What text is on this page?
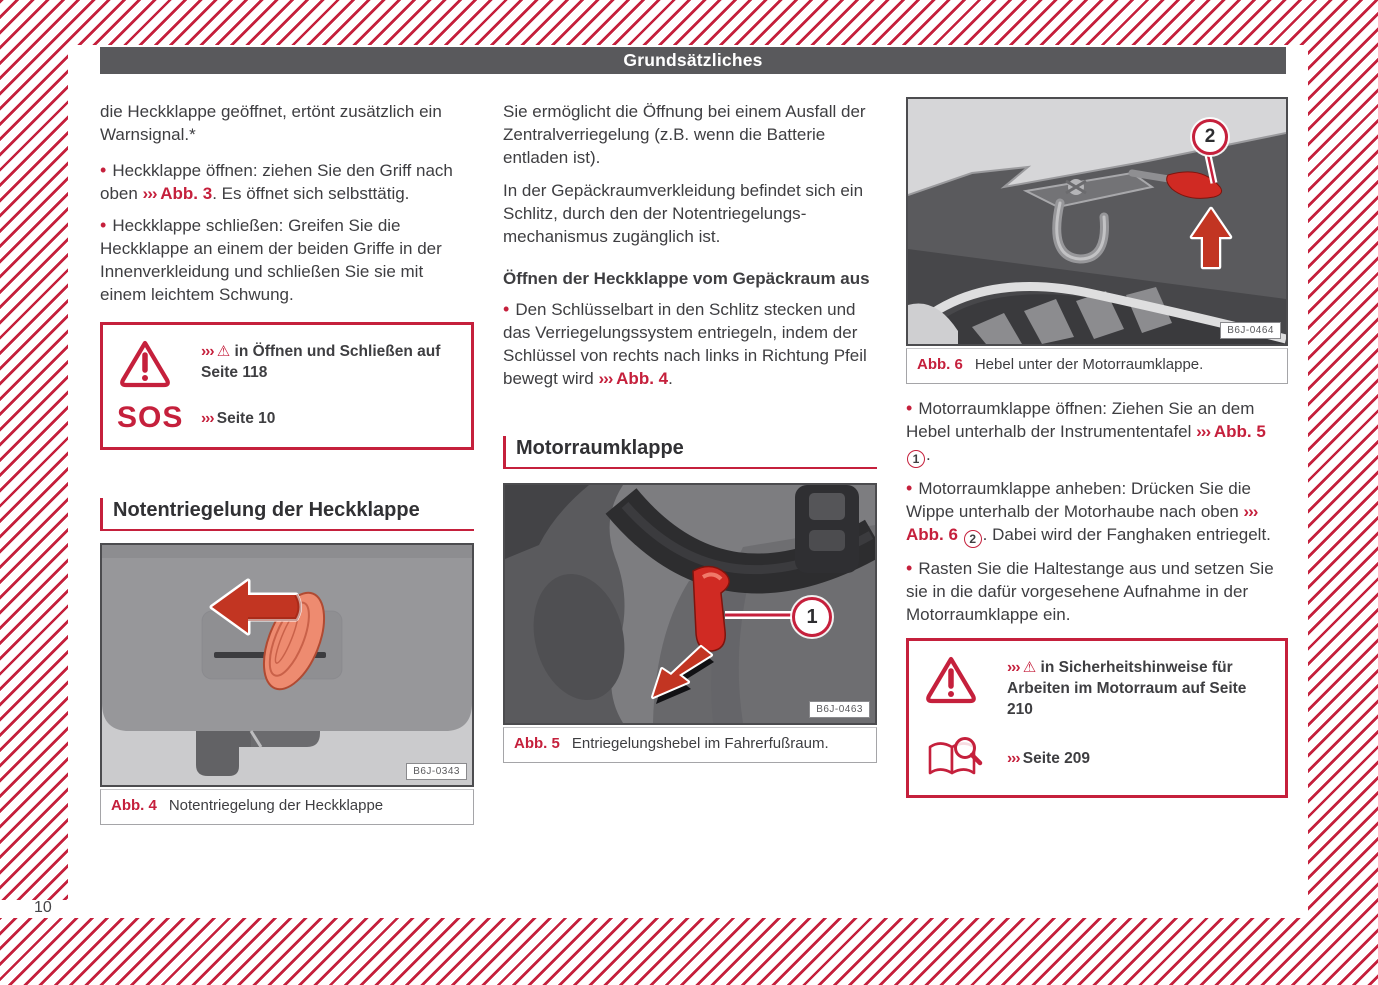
10
Grundsätzliches

die Heckklappe geöffnet, ertönt zusätzlich ein Warnsignal.*

• Heckklappe öffnen: ziehen Sie den Griff nach oben ››› Abb. 3. Es öffnet sich selbsttätig.
• Heckklappe schließen: Greifen Sie die Heckklappe an einem der beiden Griffe in der Innenverkleidung und schließen Sie sie mit einem leichtem Schwung.
››› ⚠ in Öffnen und Schließen auf Seite 118
SOS ››› Seite 10
Notentriegelung der Heckklappe
B6J-0343
Abb. 4 Notentriegelung der Heckklappe

Sie ermöglicht die Öffnung bei einem Ausfall der Zentralverriegelung (z.B. wenn die Batterie entladen ist).

In der Gepäckraumverkleidung befindet sich ein Schlitz, durch den der Notentriegelungsmechanismus zugänglich ist.

Öffnen der Heckklappe vom Gepäckraum aus
• Den Schlüsselbart in den Schlitz stecken und das Verriegelungssystem entriegeln, indem der Schlüssel von rechts nach links in Richtung Pfeil bewegt wird ››› Abb. 4.
Motorraumklappe
1
B6J-0463
Abb. 5 Entriegelungshebel im Fahrerfußraum.
2
B6J-0464
Abb. 6 Hebel unter der Motorraumklappe.
• Motorraumklappe öffnen: Ziehen Sie an dem Hebel unterhalb der Instrumententafel ››› Abb. 5 1 .
• Motorraumklappe anheben: Drücken Sie die Wippe unterhalb der Motorhaube nach oben ››› Abb. 6 2 . Dabei wird der Fanghaken entriegelt.
• Rasten Sie die Haltestange aus und setzen Sie sie in die dafür vorgesehene Aufnahme in der Motorraumklappe ein.
››› ⚠ in Sicherheitshinweise für Arbeiten im Motorraum auf Seite 210
››› Seite 209
